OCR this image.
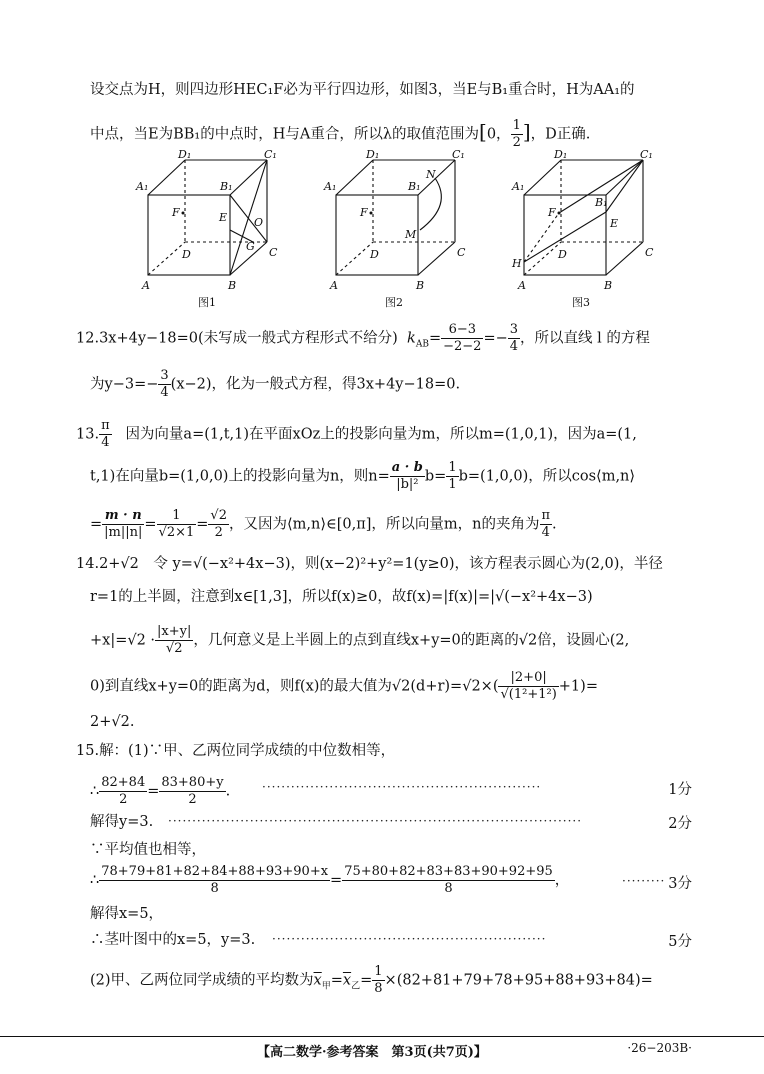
设交点为H，则四边形HEC₁F必为平行四边形，如图3，当E与B₁重合时，H为AA₁的
中点，当E为BB₁的中点时，H与A重合，所以λ的取值范围为[0， $\frac{1}{2}$ ]，D正确.
A₁
D₁
B₁
C₁
F	E O
G
D	C
A	B
图1
A₁
D₁
B₁
C₁
N
F
M
D	C
A	B
图2
A₁
D₁
B₁
C₁
F
E
H
D	C
A	B
图3
12.3x+4y−18=0(未写成一般式方程形式不给分) $k_{AB}= \frac{6-3}{-2-2} =- \frac{3}{4}$ ，所以直线 l 的方程
为$y-3=- \frac{3}{4} (x-2)$，化为一般式方程，得3x+4y−18=0.
13. $\frac{\pi}{4}$ 因为向量a=(1,t,1)在平面xOz上的投影向量为m，所以m=(1,0,1)，因为a=(1,
t,1)在向量b=(1,0,0)上的投影向量为n，则$n= \frac{a \cdot b}{\text{|b|²}} b= \frac{1}{1} b=(1,0,0)$，所以cos⟨m,n⟩
= $\frac{m \cdot n}{|m||n|} = \frac{1}{√2\times 1} = \frac{√2}{2}$ ，又因为⟨m,n⟩∈[0,π]，所以向量m，n的夹角为 $\frac{\pi}{4}$ .
14.2+√2　令 y=√(−x²+4x−3)，则(x−2)²+y²=1(y≥0)，该方程表示圆心为(2,0)，半径
r=1的上半圆，注意到x∈[1,3]，所以f(x)≥0，故f(x)=|f(x)|=|√(−x²+4x−3)
$+x|=√2 \cdot \frac{|x+y|}{√2}$ ，几何意义是上半圆上的点到直线x+y=0的距离的√2倍，设圆心(2,
0)到直线x+y=0的距离为d，则f(x)的最大值为$√2(d+r)=√2\times( \frac{|2+0|}{\text{√(1²+1²)}} +1)=$
2+√2.
15.解：(1)∵甲、乙两位同学成绩的中位数相等，
∴ $\frac{82+84}{2} = \frac{83+80+y}{2}$ .	··························································	1分
解得y=3.	······················································································	2分
∵平均值也相等，
∴ $\frac{78+79+81+82+84+88+93+90+x}{8} = \frac{75+80+82+83+83+90+92+95}{8}$ ，	········· 3分
解得x=5，
∴茎叶图中的x=5，y=3.	·························································	5分
(2)甲、乙两位同学成绩的平均数为$\overline{x}_甲=\overline{x}_乙= \frac{1}{8} \times(82+81+79+78+95+88+93+84)=$
【高二数学·参考答案　第3页(共7页)】	·26−203B·
